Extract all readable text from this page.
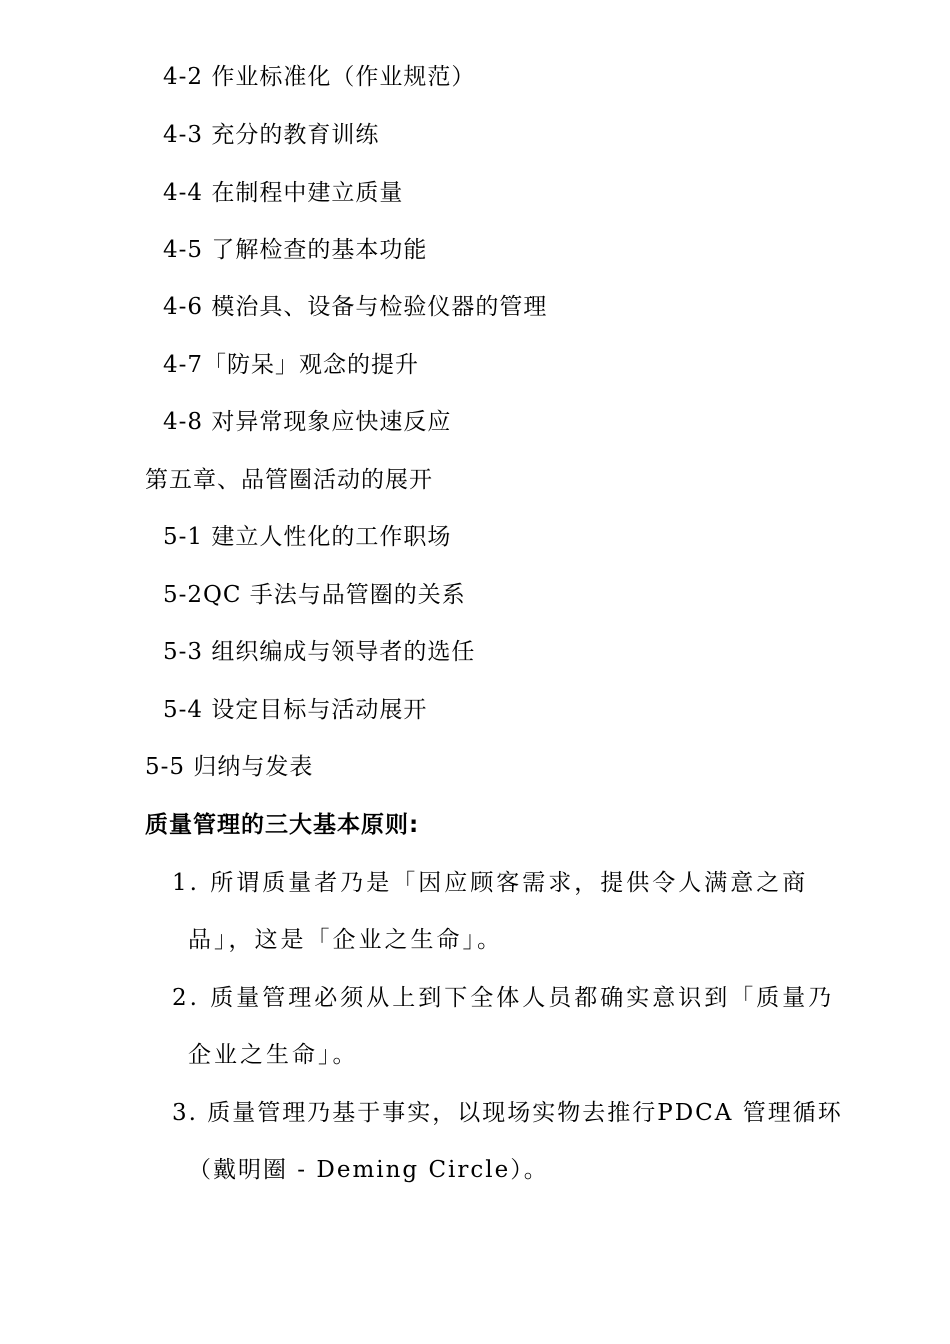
4-2 作业标准化（作业规范）
4-3 充分的教育训练
4-4 在制程中建立质量
4-5 了解检查的基本功能
4-6 模治具、设备与检验仪器的管理
4-7「防呆」观念的提升
4-8 对异常现象应快速反应
第五章、品管圈活动的展开
5-1 建立人性化的工作职场
5-2QC 手法与品管圈的关系
5-3 组织编成与领导者的选任
5-4 设定目标与活动展开
5-5 归纳与发表
质量管理的三大基本原则:
1. 所谓质量者乃是「因应顾客需求，提供令人满意之商
品」，这是「企业之生命」。
2. 质量管理必须从上到下全体人员都确实意识到「质量乃
企业之生命」。
3. 质量管理乃基于事实，以现场实物去推行PDCA 管理循环
（戴明圈 - Deming Circle）。
